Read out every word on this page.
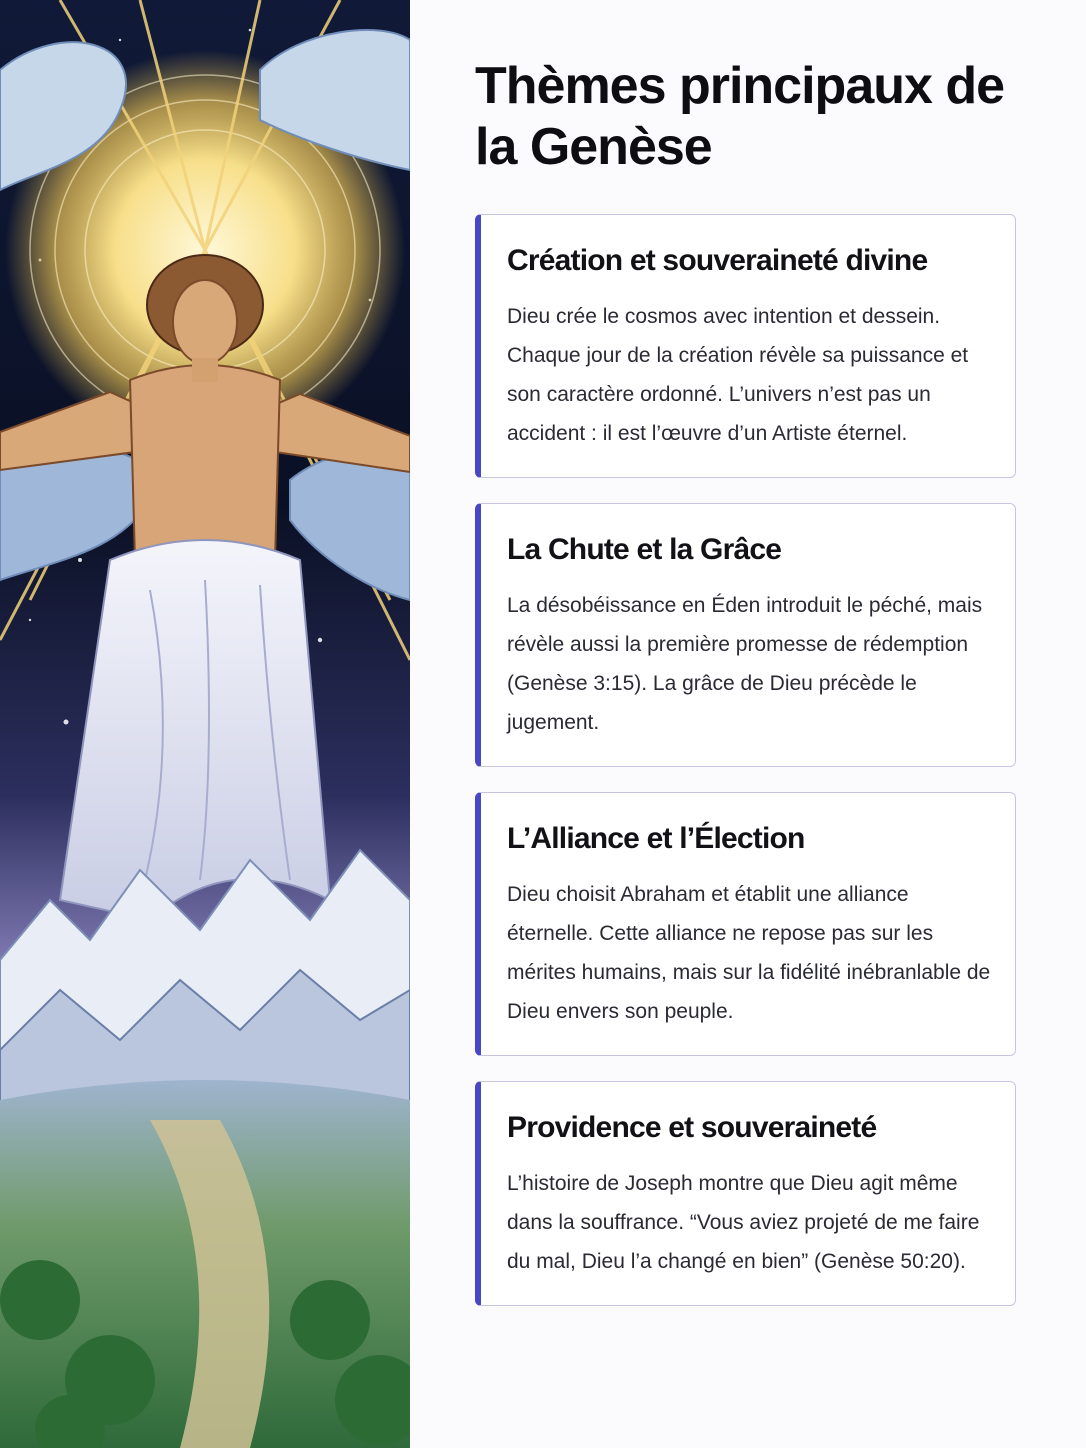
Thèmes principaux de la Genèse
Création et souveraineté divine

Dieu crée le cosmos avec intention et dessein. Chaque jour de la création révèle sa puissance et son caractère ordonné. L’univers n’est pas un accident : il est l’œuvre d’un Artiste éternel.

La Chute et la Grâce

La désobéissance en Éden introduit le péché, mais révèle aussi la première promesse de rédemption (Genèse 3:15). La grâce de Dieu précède le jugement.

L’Alliance et l’Élection

Dieu choisit Abraham et établit une alliance éternelle. Cette alliance ne repose pas sur les mérites humains, mais sur la fidélité inébranlable de Dieu envers son peuple.

Providence et souveraineté

L’histoire de Joseph montre que Dieu agit même dans la souffrance. “Vous aviez projeté de me faire du mal, Dieu l’a changé en bien” (Genèse 50:20).
